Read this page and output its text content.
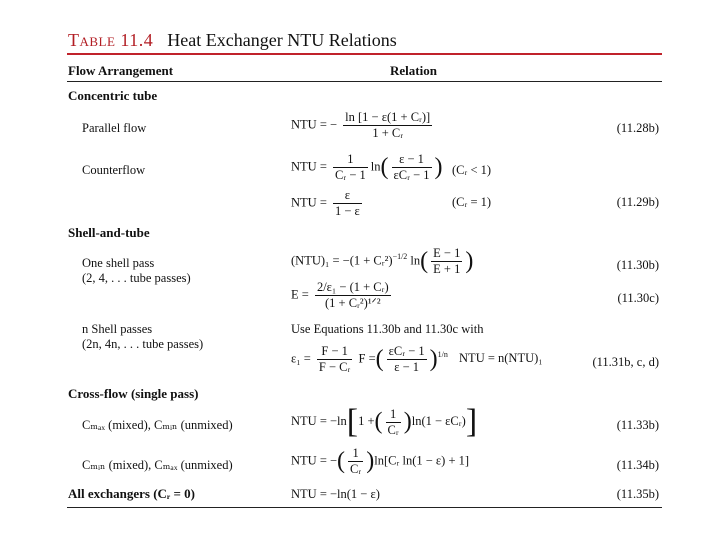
Table 11.4 Heat Exchanger NTU Relations
Flow Arrangement	Relation
Concentric tube
Parallel flow	NTU = − $\frac{\text{ln [1 − ε(1 + Cᵣ)]}}{\text{1 + Cᵣ}}$	(11.28b)
Counterflow	NTU = $\frac{1}{\text{Cᵣ − 1}} \ln( \frac{\varepsilon - 1}{\text{εCᵣ − 1}}$ ) (Cᵣ < 1)
NTU = $\frac{\varepsilon}{1 - \varepsilon}$	(Cᵣ = 1)	(11.29b)
Shell-and-tube
One shell pass
(2, 4, . . . tube passes)
(NTU)₁ = −(1 + Cᵣ²)$^{-1/2}$ $\ln( \frac{E - 1}{E + 1}$ )	(11.30b)
$E = \frac{\text{2/ε₁ − (1 + Cᵣ)}}{\text{(1 + Cᵣ²)¹ᐟ²}}$	(11.30c)
n Shell passes
(2n, 4n, . . . tube passes)
Use Equations 11.30b and 11.30c with
$\varepsilon_1 = \frac{F - 1}{\text{F − Cᵣ}}$ F =( $\frac{\text{εCᵣ − 1}}{\varepsilon - 1} )^{1/n}$ NTU = n(NTU)₁	(11.31b, c, d)
Cross-flow (single pass)
Cₘₐₓ (mixed), Cₘᵢₙ (unmixed)	NTU = −ln[1 +( $\frac{1}{\text{Cᵣ}} )\ln(1$ − εCᵣ)]	(11.33b)
Cₘᵢₙ (mixed), Cₘₐₓ (unmixed)	NTU = −( $\frac{1}{\text{Cᵣ}}$ )ln[Cᵣ ln(1 − ε) + 1]	(11.34b)
All exchangers (Cᵣ = 0)	NTU = −ln(1 − ε)	(11.35b)
